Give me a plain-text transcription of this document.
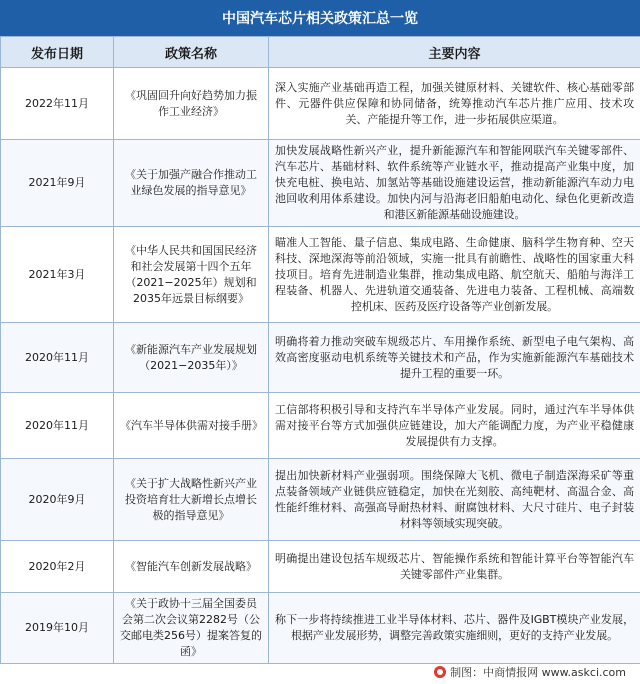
中国汽车芯片相关政策汇总一览
发布日期	政策名称	主要内容
2022年11月	《巩固回升向好趋势加力振作工业经济》	深入实施产业基础再造工程，加强关键原材料、关键软件、核心基础零部件、元器件供应保障和协同储备，统筹推动汽车芯片推广应用、技术攻关、产能提升等工作，进一步拓展供应渠道。
2021年9月	《关于加强产融合作推动工业绿色发展的指导意见》	加快发展战略性新兴产业，提升新能源汽车和智能网联汽车关键零部件、汽车芯片、基础材料、软件系统等产业链水平，推动提高产业集中度，加快充电桩、换电站、加氢站等基础设施建设运营，推动新能源汽车动力电池回收利用体系建设。加快内河与沿海老旧船舶电动化、绿色化更新改造和港区新能源基础设施建设。
2021年3月	《中华人民共和国国民经济和社会发展第十四个五年（2021−2025年）规划和2035年远景目标纲要》	瞄准人工智能、量子信息、集成电路、生命健康、脑科学生物育种、空天科技、深地深海等前沿领域，实施一批具有前瞻性、战略性的国家重大科技项目。培育先进制造业集群，推动集成电路、航空航天、船舶与海洋工程装备、机器人、先进轨道交通装备、先进电力装备、工程机械、高端数控机床、医药及医疗设备等产业创新发展。
2020年11月	《新能源汽车产业发展规划（2021−2035年）》	明确将着力推动突破车规级芯片、车用操作系统、新型电子电气架构、高效高密度驱动电机系统等关键技术和产品，作为实施新能源汽车基础技术提升工程的重要一环。
2020年11月	《汽车半导体供需对接手册》	工信部将积极引导和支持汽车半导体产业发展。同时，通过汽车半导体供需对接平台等方式加强供应链建设，加大产能调配力度，为产业平稳健康发展提供有力支撑。
2020年9月	《关于扩大战略性新兴产业投资培育壮大新增长点增长极的指导意见》	提出加快新材料产业强弱项。围绕保障大飞机、微电子制造深海采矿等重点装备领域产业链供应链稳定，加快在光刻胶、高纯靶材、高温合金、高性能纤维材料、高强高导耐热材料、耐腐蚀材料、大尺寸硅片、电子封装材料等领域实现突破。
2020年2月	《智能汽车创新发展战略》	明确提出建设包括车规级芯片、智能操作系统和智能计算平台等智能汽车关键零部件产业集群。
2019年10月	《关于政协十三届全国委员会第二次会议第2282号（公交邮电类256号）提案答复的函》	称下一步将持续推进工业半导体材料、芯片、器件及IGBT模块产业发展，根据产业发展形势，调整完善政策实施细则，更好的支持产业发展。
制图：中商情报网 www.askci.com
